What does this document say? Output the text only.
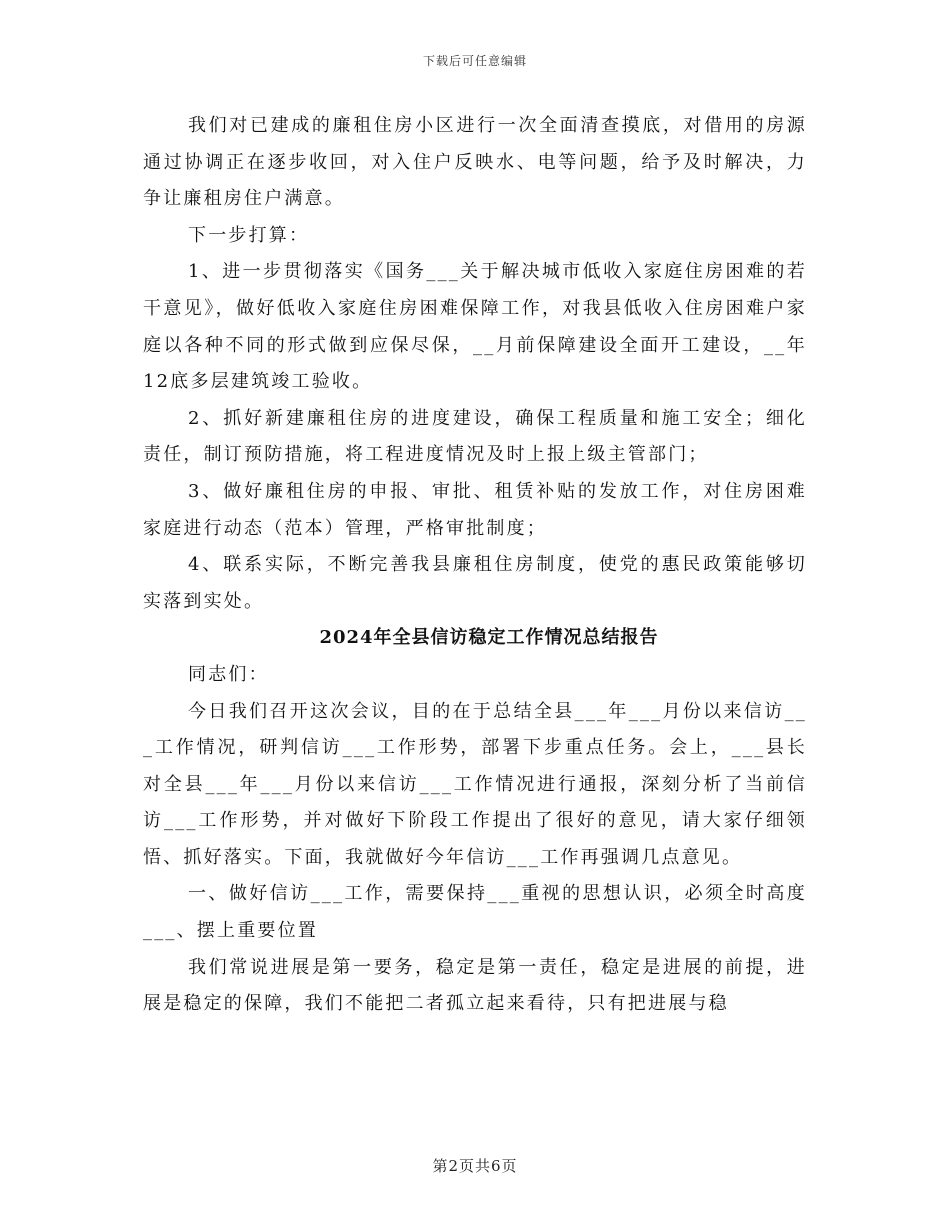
下载后可任意编辑

我们对已建成的廉租住房小区进行一次全面清查摸底，对借用的房源通过协调正在逐步收回，对入住户反映水、电等问题，给予及时解决，力争让廉租房住户满意。

下一步打算：

1、进一步贯彻落实《国务___关于解决城市低收入家庭住房困难的若干意见》，做好低收入家庭住房困难保障工作，对我县低收入住房困难户家庭以各种不同的形式做到应保尽保，__月前保障建设全面开工建设，__年12底多层建筑竣工验收。

2、抓好新建廉租住房的进度建设，确保工程质量和施工安全；细化责任，制订预防措施，将工程进度情况及时上报上级主管部门；

3、做好廉租住房的申报、审批、租赁补贴的发放工作，对住房困难家庭进行动态（范本）管理，严格审批制度；

4、联系实际，不断完善我县廉租住房制度，使党的惠民政策能够切实落到实处。

2024年全县信访稳定工作情况总结报告

同志们：

今日我们召开这次会议，目的在于总结全县___年___月份以来信访___工作情况，研判信访___工作形势，部署下步重点任务。会上，___县长对全县___年___月份以来信访___工作情况进行通报，深刻分析了当前信访___工作形势，并对做好下阶段工作提出了很好的意见，请大家仔细领悟、抓好落实。下面，我就做好今年信访___工作再强调几点意见。

一、做好信访___工作，需要保持___重视的思想认识，必须全时高度___、摆上重要位置

我们常说进展是第一要务，稳定是第一责任，稳定是进展的前提，进展是稳定的保障，我们不能把二者孤立起来看待，只有把进展与稳

第2页共6页
